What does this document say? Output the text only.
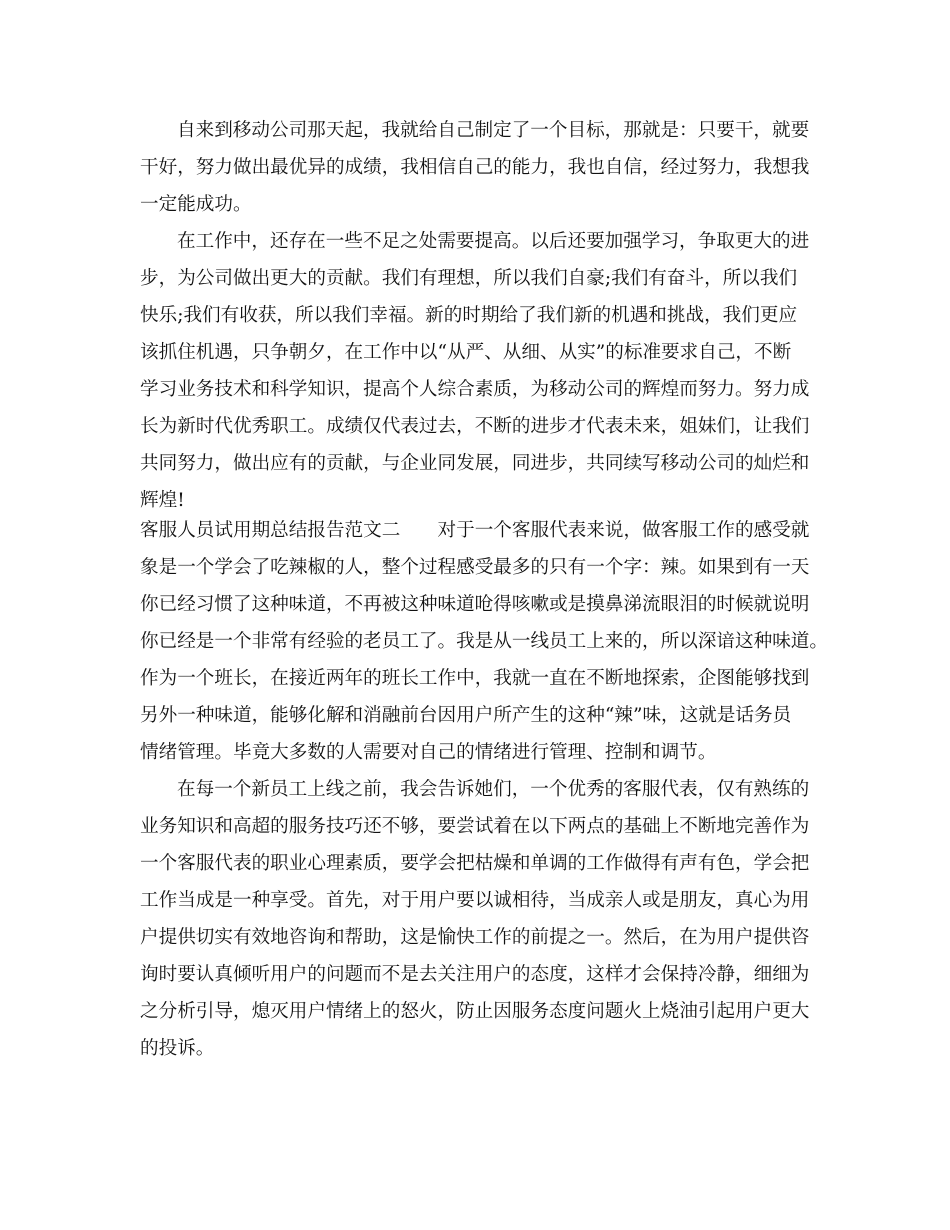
自来到移动公司那天起，我就给自己制定了一个目标，那就是：只要干，就要
干好，努力做出最优异的成绩，我相信自己的能力，我也自信，经过努力，我想我
一定能成功。
在工作中，还存在一些不足之处需要提高。以后还要加强学习，争取更大的进
步，为公司做出更大的贡献。我们有理想，所以我们自豪;我们有奋斗，所以我们
快乐;我们有收获，所以我们幸福。新的时期给了我们新的机遇和挑战，我们更应
该抓住机遇，只争朝夕，在工作中以“从严、从细、从实”的标准要求自己，不断
学习业务技术和科学知识，提高个人综合素质，为移动公司的辉煌而努力。努力成
长为新时代优秀职工。成绩仅代表过去，不断的进步才代表未来，姐妹们，让我们
共同努力，做出应有的贡献，与企业同发展，同进步，共同续写移动公司的灿烂和
辉煌!
客服人员试用期总结报告范文二　　对于一个客服代表来说，做客服工作的感受就
象是一个学会了吃辣椒的人，整个过程感受最多的只有一个字：辣。如果到有一天
你已经习惯了这种味道，不再被这种味道呛得咳嗽或是摸鼻涕流眼泪的时候就说明
你已经是一个非常有经验的老员工了。我是从一线员工上来的，所以深谙这种味道。
作为一个班长，在接近两年的班长工作中，我就一直在不断地探索，企图能够找到
另外一种味道，能够化解和消融前台因用户所产生的这种“辣”味，这就是话务员
情绪管理。毕竟大多数的人需要对自己的情绪进行管理、控制和调节。
在每一个新员工上线之前，我会告诉她们，一个优秀的客服代表，仅有熟练的
业务知识和高超的服务技巧还不够，要尝试着在以下两点的基础上不断地完善作为
一个客服代表的职业心理素质，要学会把枯燥和单调的工作做得有声有色，学会把
工作当成是一种享受。首先，对于用户要以诚相待，当成亲人或是朋友，真心为用
户提供切实有效地咨询和帮助，这是愉快工作的前提之一。然后，在为用户提供咨
询时要认真倾听用户的问题而不是去关注用户的态度，这样才会保持冷静，细细为
之分析引导，熄灭用户情绪上的怒火，防止因服务态度问题火上烧油引起用户更大
的投诉。
